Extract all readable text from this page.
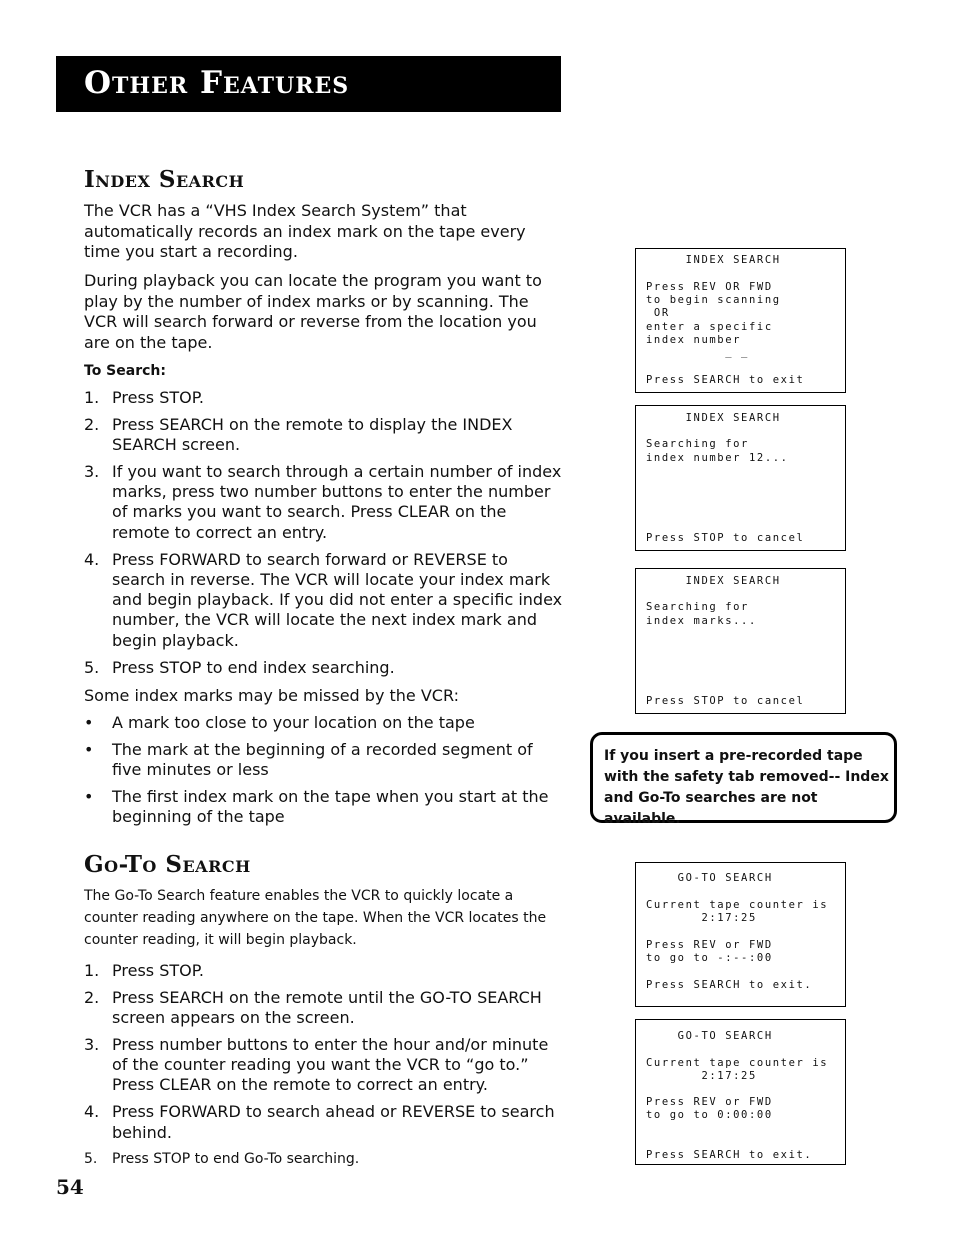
Other Features
Index Search

The VCR has a “VHS Index Search System” that automatically records an index mark on the tape every time you start a recording.

During playback you can locate the program you want to play by the number of index marks or by scanning. The VCR will search forward or reverse from the location you are on the tape.

To Search:

1. Press STOP.
2. Press SEARCH on the remote to display the INDEX SEARCH screen.
3. If you want to search through a certain number of index marks, press two number buttons to enter the number of marks you want to search. Press CLEAR on the remote to correct an entry.
4. Press FORWARD to search forward or REVERSE to search in reverse. The VCR will locate your index mark and begin playback. If you did not enter a specific index number, the VCR will locate the next index mark and begin playback.
5. Press STOP to end index searching.

Some index marks may be missed by the VCR:

• A mark too close to your location on the tape
• The mark at the beginning of a recorded segment of five minutes or less
• The first index mark on the tape when you start at the beginning of the tape
Go-To Search

The Go-To Search feature enables the VCR to quickly locate a counter reading anywhere on the tape. When the VCR locates the counter reading, it will begin playback.

1. Press STOP.
2. Press SEARCH on the remote until the GO-TO SEARCH screen appears on the screen.
3. Press number buttons to enter the hour and/or minute of the counter reading you want the VCR to “go to.” Press CLEAR on the remote to correct an entry.
4. Press FORWARD to search ahead or REVERSE to search behind.
5. Press STOP to end Go-To searching.
INDEX SEARCH
Press REV OR FWD
to begin scanning
OR
enter a specific
index number
_ _
Press SEARCH to exit
INDEX SEARCH
Searching for
index number 12...
Press STOP to cancel
INDEX SEARCH
Searching for
index marks...
Press STOP to cancel

If you insert a pre-recorded tape with the safety tab removed-- Index and Go-To searches are not available.

GO-TO SEARCH
Current tape counter is
2:17:25
Press REV or FWD
to go to -:--:00
Press SEARCH to exit.
GO-TO SEARCH
Current tape counter is
2:17:25
Press REV or FWD
to go to 0:00:00
Press SEARCH to exit.

54
